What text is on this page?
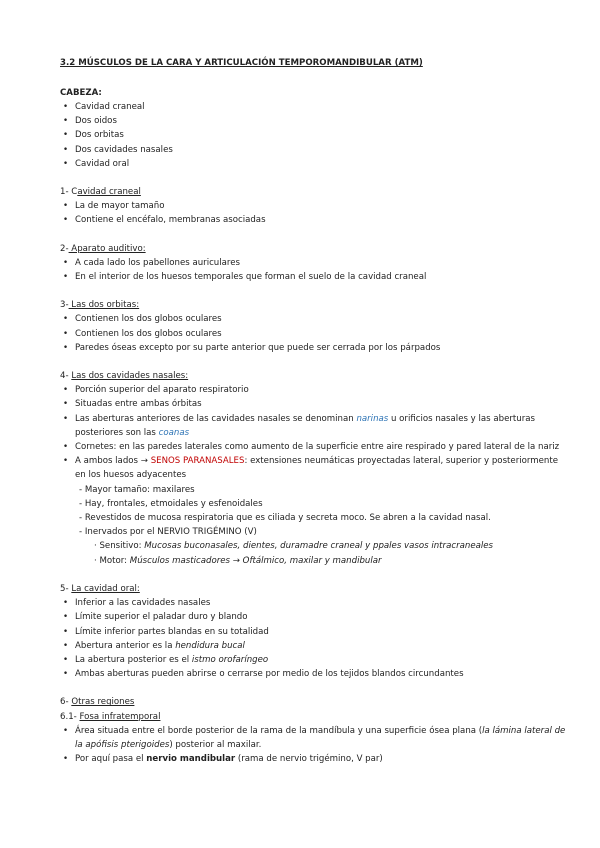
3.2 MÚSCULOS DE LA CARA Y ARTICULACIÓN TEMPOROMANDIBULAR (ATM)
CABEZA:
• Cavidad craneal
• Dos oidos
• Dos orbitas
• Dos cavidades nasales
• Cavidad oral
1- Cavidad craneal
• La de mayor tamaño
• Contiene el encéfalo, membranas asociadas
2- Aparato auditivo:
• A cada lado los pabellones auriculares
• En el interior de los huesos temporales que forman el suelo de la cavidad craneal
3- Las dos orbitas:
• Contienen los dos globos oculares
• Contienen los dos globos oculares
• Paredes óseas excepto por su parte anterior que puede ser cerrada por los párpados
4- Las dos cavidades nasales:
• Porción superior del aparato respiratorio
• Situadas entre ambas órbitas
• Las aberturas anteriores de las cavidades nasales se denominan narinas u orificios nasales y las aberturas posteriores son las coanas
• Cornetes: en las paredes laterales como aumento de la superficie entre aire respirado y pared lateral de la nariz
• A ambos lados → SENOS PARANASALES: extensiones neumáticas proyectadas lateral, superior y posteriormente en los huesos adyacentes
- Mayor tamaño: maxilares
- Hay, frontales, etmoidales y esfenoidales
- Revestidos de mucosa respiratoria que es ciliada y secreta moco. Se abren a la cavidad nasal.
- Inervados por el NERVIO TRIGÉMINO (V)
· Sensitivo: Mucosas buconasales, dientes, duramadre craneal y ppales vasos intracraneales
· Motor: Músculos masticadores → Oftálmico, maxilar y mandibular
5- La cavidad oral:
• Inferior a las cavidades nasales
• Límite superior el paladar duro y blando
• Límite inferior partes blandas en su totalidad
• Abertura anterior es la hendidura bucal
• La abertura posterior es el istmo orofaríngeo
• Ambas aberturas pueden abrirse o cerrarse por medio de los tejidos blandos circundantes
6- Otras regiones
6.1- Fosa infratemporal
• Área situada entre el borde posterior de la rama de la mandíbula y una superficie ósea plana (la lámina lateral de la apófisis pterigoides) posterior al maxilar.
• Por aquí pasa el nervio mandibular (rama de nervio trigémino, V par)
